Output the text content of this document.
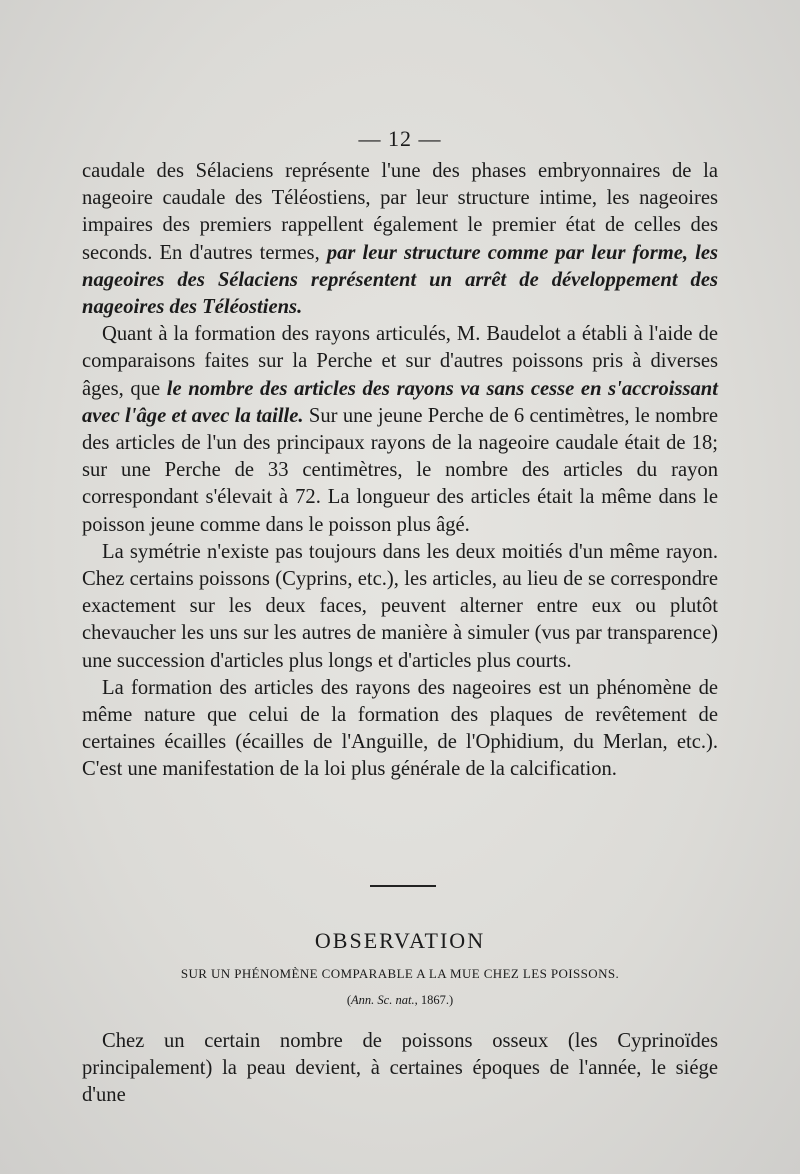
— 12 —

caudale des Sélaciens représente l'une des phases embryonnaires de la nageoire caudale des Téléostiens, par leur structure intime, les nageoires impaires des premiers rappellent également le premier état de celles des seconds. En d'autres termes, par leur structure comme par leur forme, les nageoires des Sélaciens représentent un arrêt de développement des nageoires des Téléostiens.

Quant à la formation des rayons articulés, M. Baudelot a établi à l'aide de comparaisons faites sur la Perche et sur d'autres poissons pris à diverses âges, que le nombre des articles des rayons va sans cesse en s'accroissant avec l'âge et avec la taille. Sur une jeune Perche de 6 centimètres, le nombre des articles de l'un des principaux rayons de la nageoire caudale était de 18; sur une Perche de 33 centimètres, le nombre des articles du rayon correspondant s'élevait à 72. La longueur des articles était la même dans le poisson jeune comme dans le poisson plus âgé.

La symétrie n'existe pas toujours dans les deux moitiés d'un même rayon. Chez certains poissons (Cyprins, etc.), les articles, au lieu de se correspondre exactement sur les deux faces, peuvent alterner entre eux ou plutôt chevaucher les uns sur les autres de manière à simuler (vus par transparence) une succession d'articles plus longs et d'articles plus courts.

La formation des articles des rayons des nageoires est un phénomène de même nature que celui de la formation des plaques de revêtement de certaines écailles (écailles de l'Anguille, de l'Ophidium, du Merlan, etc.). C'est une manifestation de la loi plus générale de la calcification.

OBSERVATION
SUR UN PHÉNOMÈNE COMPARABLE A LA MUE CHEZ LES POISSONS.
(Ann. Sc. nat., 1867.)

Chez un certain nombre de poissons osseux (les Cyprinoïdes principalement) la peau devient, à certaines époques de l'année, le siége d'une
